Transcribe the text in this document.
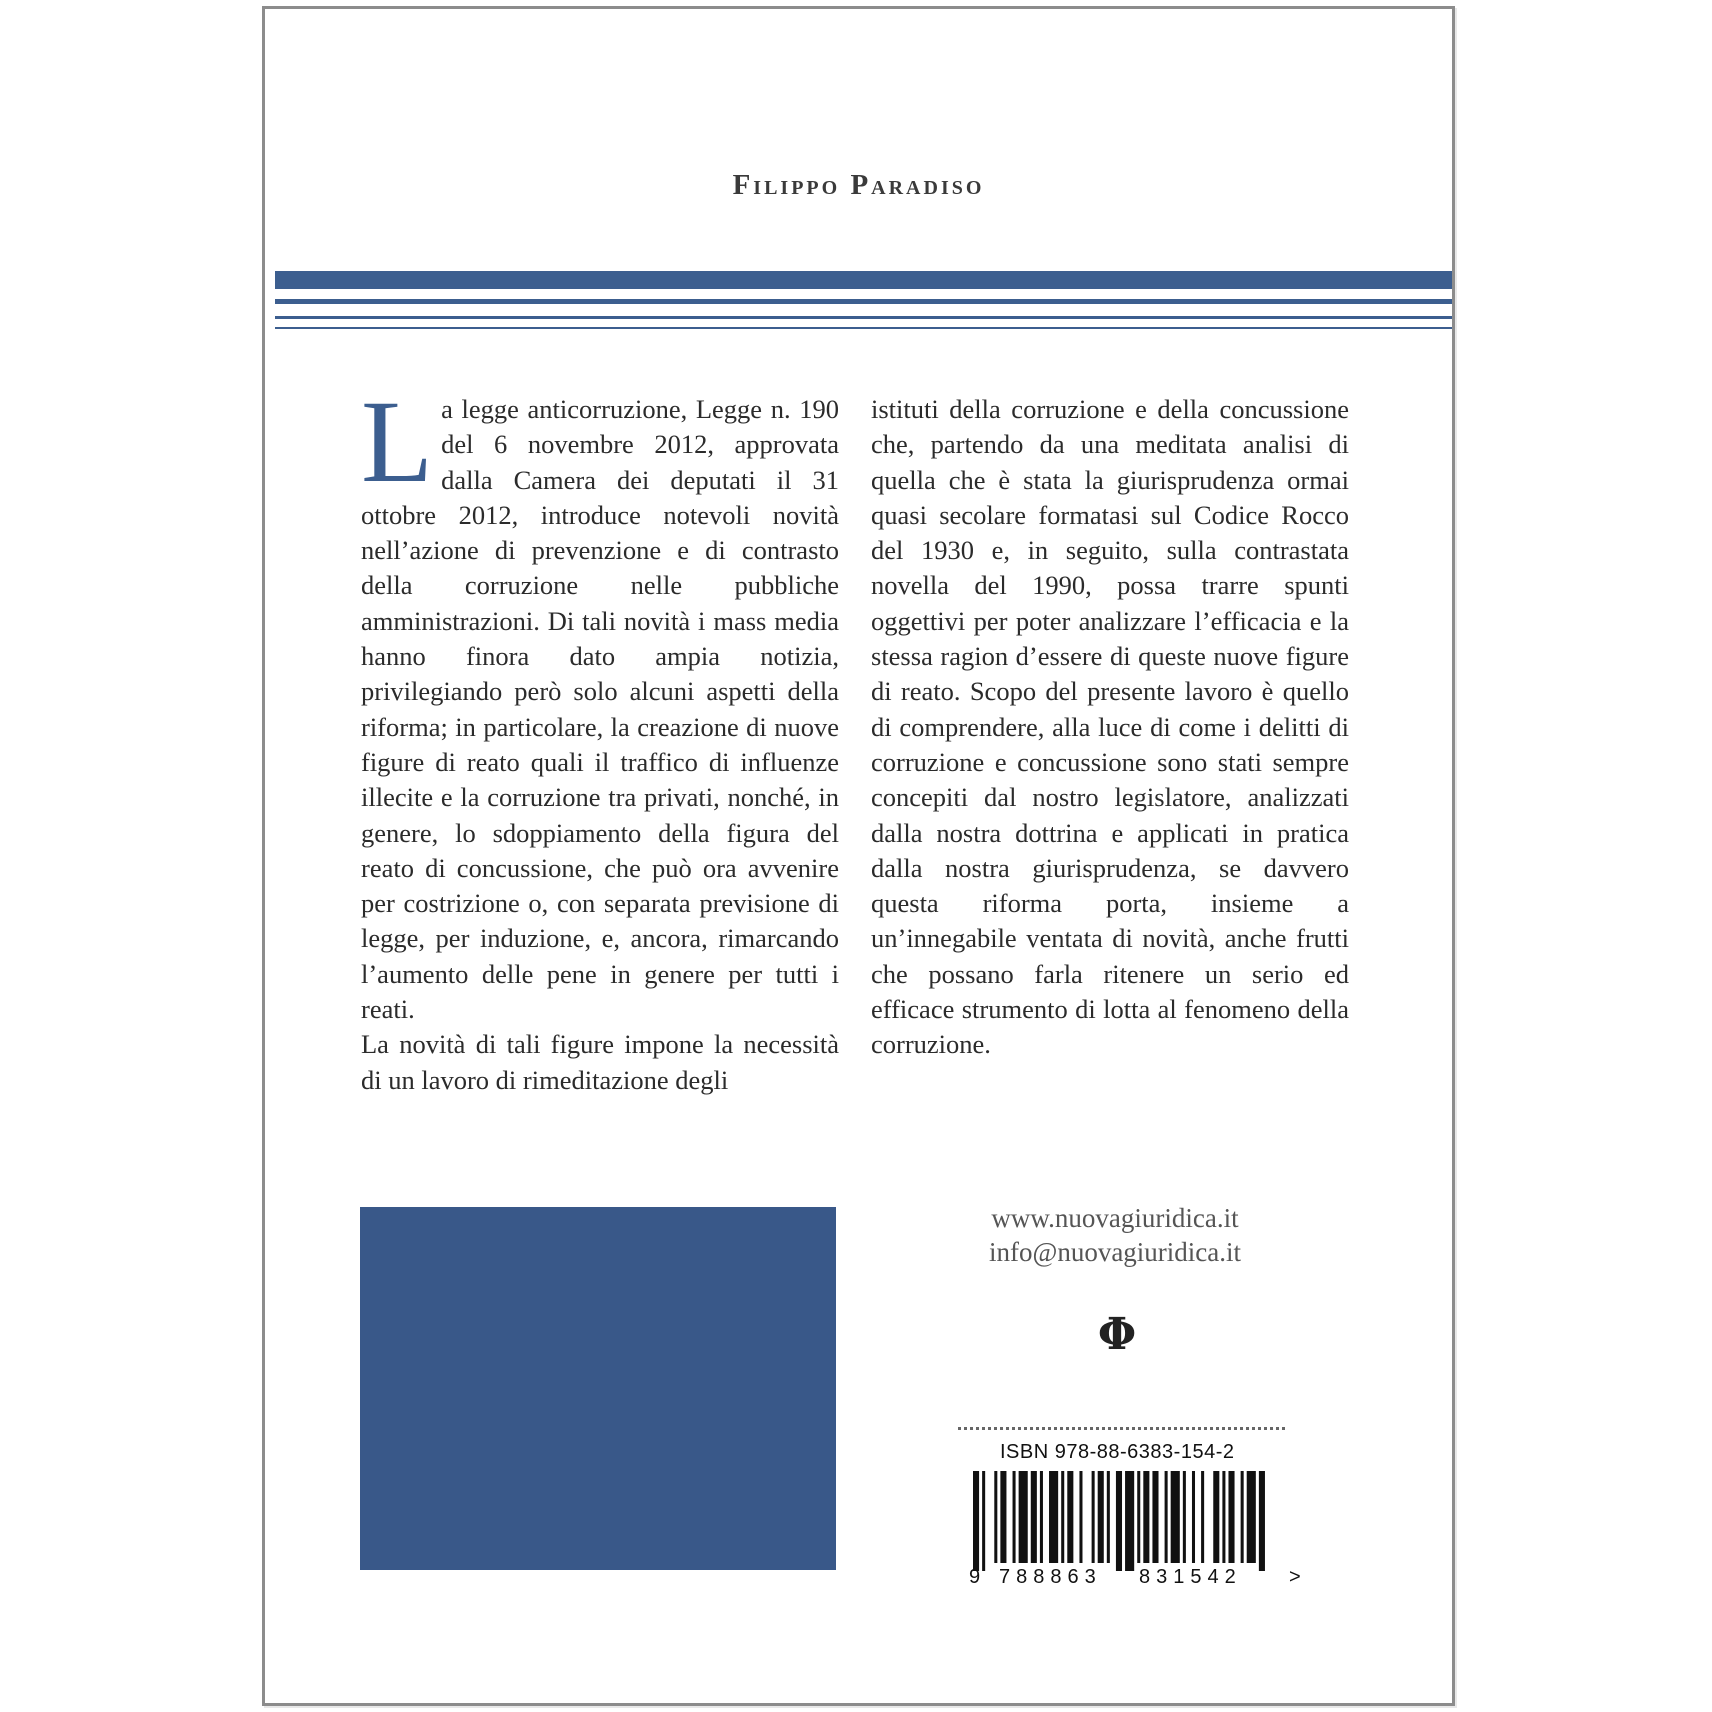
Filippo Paradiso

La legge anticorruzione, Legge n. 190 del 6 novembre 2012, approvata dalla Camera dei deputati il 31 ottobre 2012, introduce notevoli novità nell’azione di prevenzione e di contrasto della corruzione nelle pubbliche amministrazioni. Di tali novità i mass media hanno finora dato ampia notizia, privilegiando però solo alcuni aspetti della riforma; in particolare, la creazione di nuove figure di reato quali il traffico di influenze illecite e la corruzione tra privati, nonché, in genere, lo sdoppiamento della figura del reato di concussione, che può ora avvenire per costrizione o, con separata previsione di legge, per induzione, e, ancora, rimarcando l’aumento delle pene in genere per tutti i reati.

La novità di tali figure impone la necessità di un lavoro di rimeditazione degli

istituti della corruzione e della concussione che, partendo da una meditata analisi di quella che è stata la giurisprudenza ormai quasi secolare formatasi sul Codice Rocco del 1930 e, in seguito, sulla contrastata novella del 1990, possa trarre spunti oggettivi per poter analizzare l’efficacia e la stessa ragion d’essere di queste nuove figure di reato. Scopo del presente lavoro è quello di comprendere, alla luce di come i delitti di corruzione e concussione sono stati sempre concepiti dal nostro legislatore, analizzati dalla nostra dottrina e applicati in pratica dalla nostra giurisprudenza, se davvero questa riforma porta, insieme a un’innegabile ventata di novità, anche frutti che possano farla ritenere un serio ed efficace strumento di lotta al fenomeno della corruzione.

www.nuovagiuridica.it
info@nuovagiuridica.it
Φ
ISBN 978-88-6383-154-2
9 788863 831542 >
